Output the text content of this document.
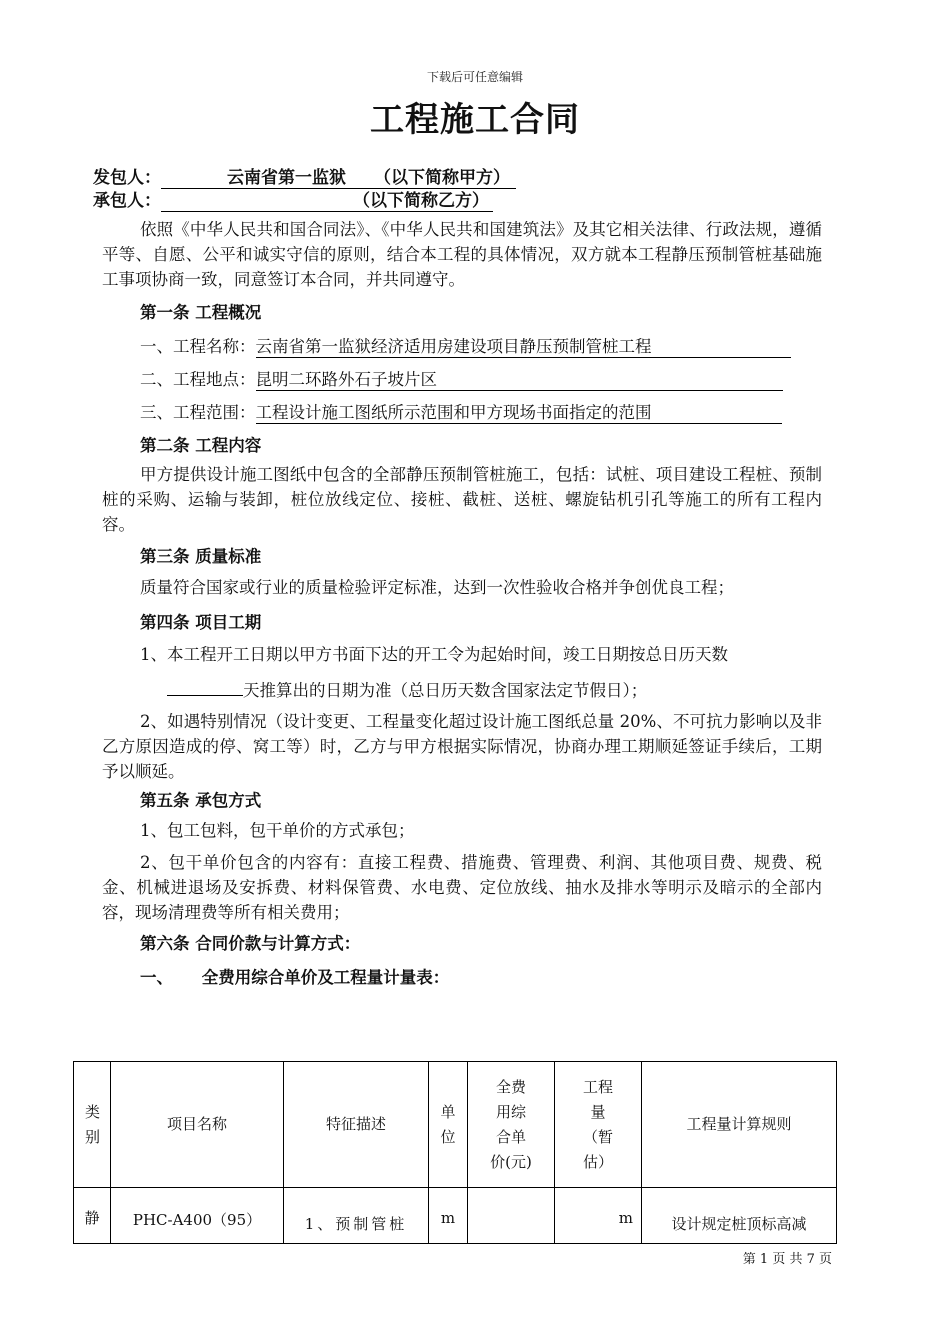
下载后可任意编辑
工程施工合同
发包人：	云南省第一监狱 （以下简称甲方）
承包人：	（以下简称乙方）
依照《中华人民共和国合同法》、《中华人民共和国建筑法》及其它相关法律、行政法规，遵循平等、自愿、公平和诚实守信的原则，结合本工程的具体情况，双方就本工程静压预制管桩基础施工事项协商一致，同意签订本合同，并共同遵守。
第一条 工程概况
一、工程名称：云南省第一监狱经济适用房建设项目静压预制管桩工程
二、工程地点：昆明二环路外石子坡片区
三、工程范围：工程设计施工图纸所示范围和甲方现场书面指定的范围
第二条 工程内容
甲方提供设计施工图纸中包含的全部静压预制管桩施工，包括：试桩、项目建设工程桩、预制桩的采购、运输与装卸，桩位放线定位、接桩、截桩、送桩、螺旋钻机引孔等施工的所有工程内容。
第三条 质量标准
质量符合国家或行业的质量检验评定标准，达到一次性验收合格并争创优良工程；
第四条 项目工期
1、本工程开工日期以甲方书面下达的开工令为起始时间，竣工日期按总日历天数
天推算出的日期为准（总日历天数含国家法定节假日）；
2、如遇特别情况（设计变更、工程量变化超过设计施工图纸总量 20%、不可抗力影响以及非乙方原因造成的停、窝工等）时，乙方与甲方根据实际情况，协商办理工期顺延签证手续后，工期予以顺延。
第五条 承包方式
1、包工包料，包干单价的方式承包；
2、包干单价包含的内容有：直接工程费、措施费、管理费、利润、其他项目费、规费、税金、机械进退场及安拆费、材料保管费、水电费、定位放线、抽水及排水等明示及暗示的全部内容，现场清理费等所有相关费用；
第六条 合同价款与计算方式：
一、     全费用综合单价及工程量计量表：
类别	项目名称	特征描述	单位	全费用综合单价(元)	工程量（暂估）	工程量计算规则
静	PHC-A400（95）	1、预制管桩	m		m	设计规定桩顶标高减
第 1 页 共 7 页
